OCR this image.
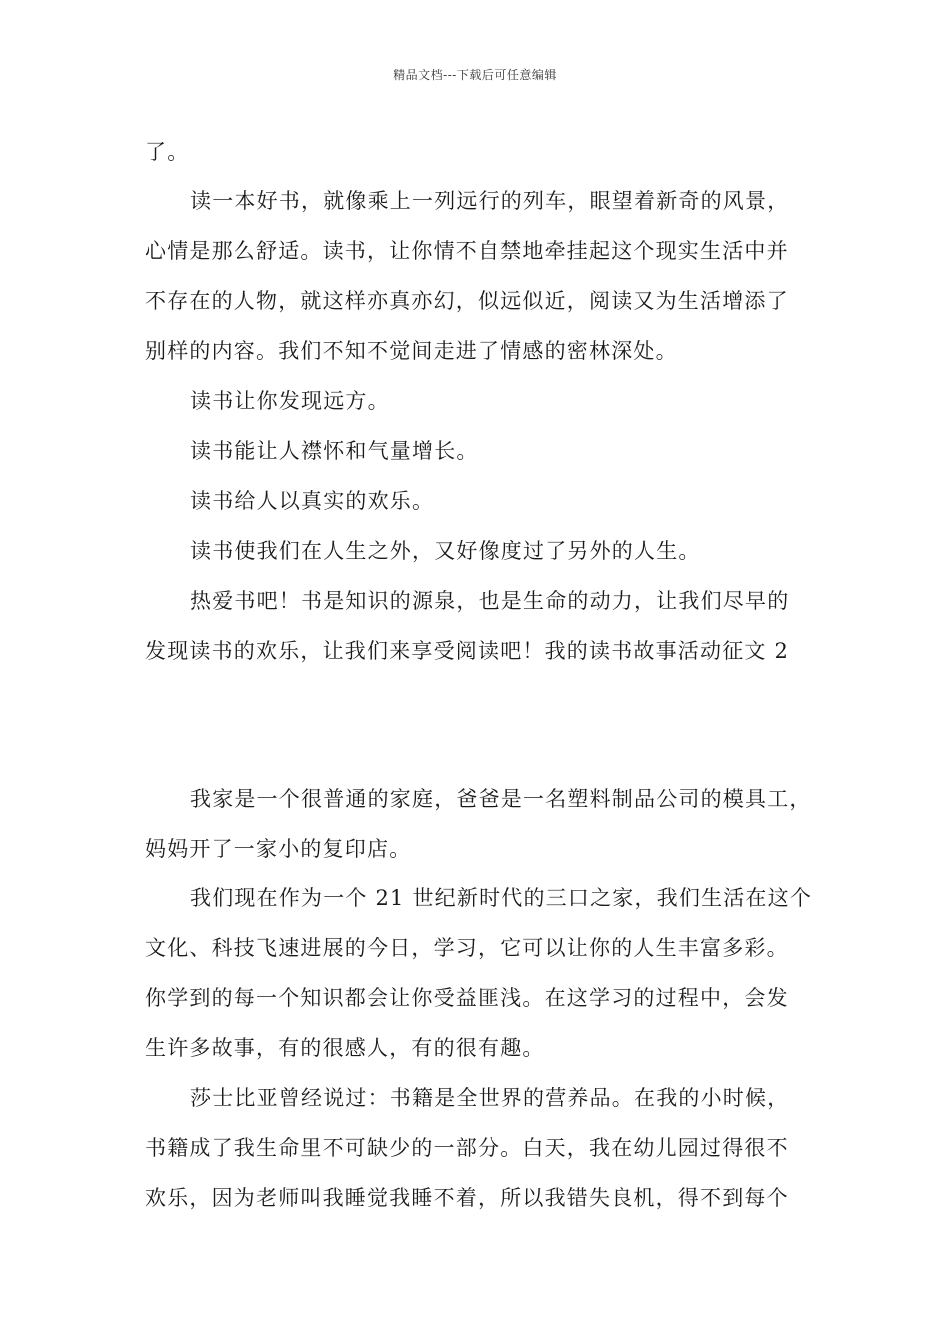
精品文档---下载后可任意编辑
了。
读一本好书，就像乘上一列远行的列车，眼望着新奇的风景，
心情是那么舒适。读书，让你情不自禁地牵挂起这个现实生活中并
不存在的人物，就这样亦真亦幻，似远似近，阅读又为生活增添了
别样的内容。我们不知不觉间走进了情感的密林深处。
读书让你发现远方。
读书能让人襟怀和气量增长。
读书给人以真实的欢乐。
读书使我们在人生之外，又好像度过了另外的人生。
热爱书吧！书是知识的源泉，也是生命的动力，让我们尽早的
发现读书的欢乐，让我们来享受阅读吧！我的读书故事活动征文 2
我家是一个很普通的家庭，爸爸是一名塑料制品公司的模具工，
妈妈开了一家小的复印店。
我们现在作为一个 21 世纪新时代的三口之家，我们生活在这个
文化、科技飞速进展的今日，学习，它可以让你的人生丰富多彩。
你学到的每一个知识都会让你受益匪浅。在这学习的过程中，会发
生许多故事，有的很感人，有的很有趣。
莎士比亚曾经说过：书籍是全世界的营养品。在我的小时候，
书籍成了我生命里不可缺少的一部分。白天，我在幼儿园过得很不
欢乐，因为老师叫我睡觉我睡不着，所以我错失良机，得不到每个
